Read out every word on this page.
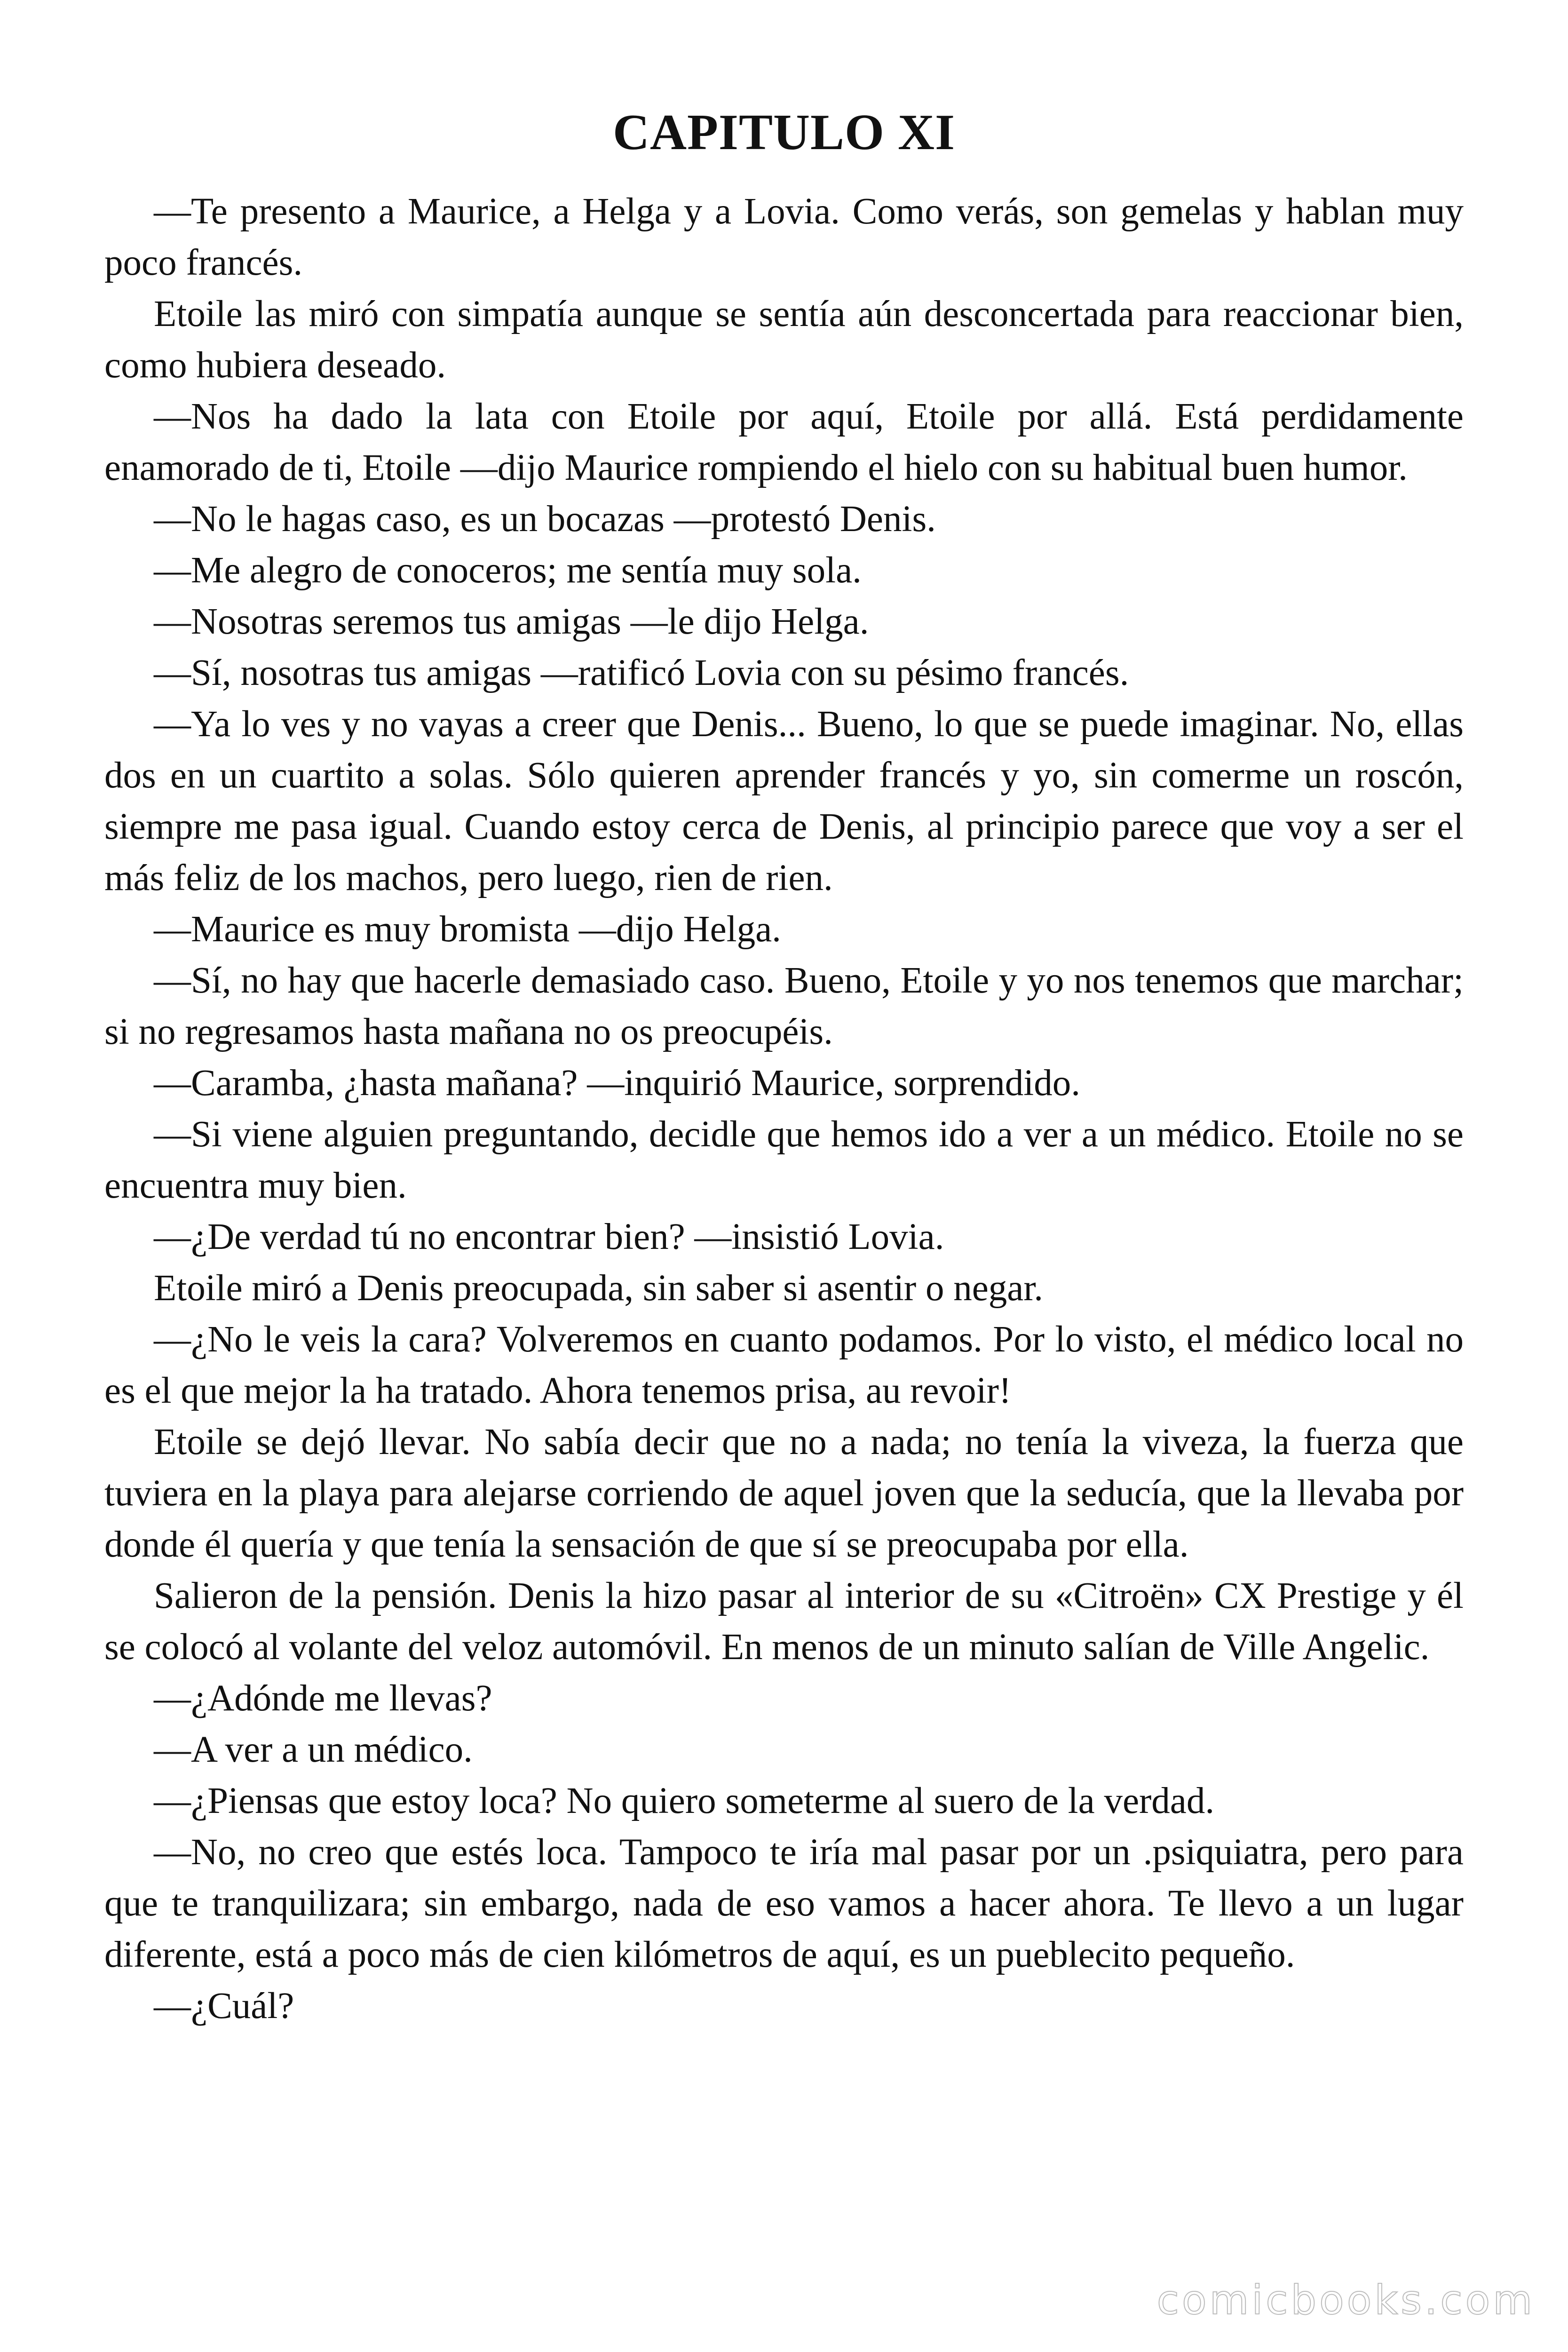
CAPITULO XI

—Te presento a Maurice, a Helga y a Lovia. Como verás, son gemelas y hablan muy poco francés.

Etoile las miró con simpatía aunque se sentía aún desconcertada para reaccionar bien, como hubiera deseado.

—Nos ha dado la lata con Etoile por aquí, Etoile por allá. Está perdidamente enamorado de ti, Etoile —dijo Maurice rompiendo el hielo con su habitual buen humor.

—No le hagas caso, es un bocazas —protestó Denis.

—Me alegro de conoceros; me sentía muy sola.

—Nosotras seremos tus amigas —le dijo Helga.

—Sí, nosotras tus amigas —ratificó Lovia con su pésimo francés.

—Ya lo ves y no vayas a creer que Denis... Bueno, lo que se puede imaginar. No, ellas dos en un cuartito a solas. Sólo quieren aprender francés y yo, sin comerme un roscón, siempre me pasa igual. Cuando estoy cerca de Denis, al principio parece que voy a ser el más feliz de los machos, pero luego, rien de rien.

—Maurice es muy bromista —dijo Helga.

—Sí, no hay que hacerle demasiado caso. Bueno, Etoile y yo nos tenemos que marchar; si no regresamos hasta mañana no os preocupéis.

—Caramba, ¿hasta mañana? —inquirió Maurice, sorprendido.

—Si viene alguien preguntando, decidle que hemos ido a ver a un médico. Etoile no se encuentra muy bien.

—¿De verdad tú no encontrar bien? —insistió Lovia.

Etoile miró a Denis preocupada, sin saber si asentir o negar.

—¿No le veis la cara? Volveremos en cuanto podamos. Por lo visto, el médico local no es el que mejor la ha tratado. Ahora tenemos prisa, au revoir!

Etoile se dejó llevar. No sabía decir que no a nada; no tenía la viveza, la fuerza que tuviera en la playa para alejarse corriendo de aquel joven que la seducía, que la llevaba por donde él quería y que tenía la sensación de que sí se preocupaba por ella.

Salieron de la pensión. Denis la hizo pasar al interior de su «Citroën» CX Prestige y él se colocó al volante del veloz automóvil. En menos de un minuto salían de Ville Angelic.

—¿Adónde me llevas?

—A ver a un médico.

—¿Piensas que estoy loca? No quiero someterme al suero de la verdad.

—No, no creo que estés loca. Tampoco te iría mal pasar por un .psiquiatra, pero para que te tranquilizara; sin embargo, nada de eso vamos a hacer ahora. Te llevo a un lugar diferente, está a poco más de cien kilómetros de aquí, es un pueblecito pequeño.

—¿Cuál?

comicbooks.com
